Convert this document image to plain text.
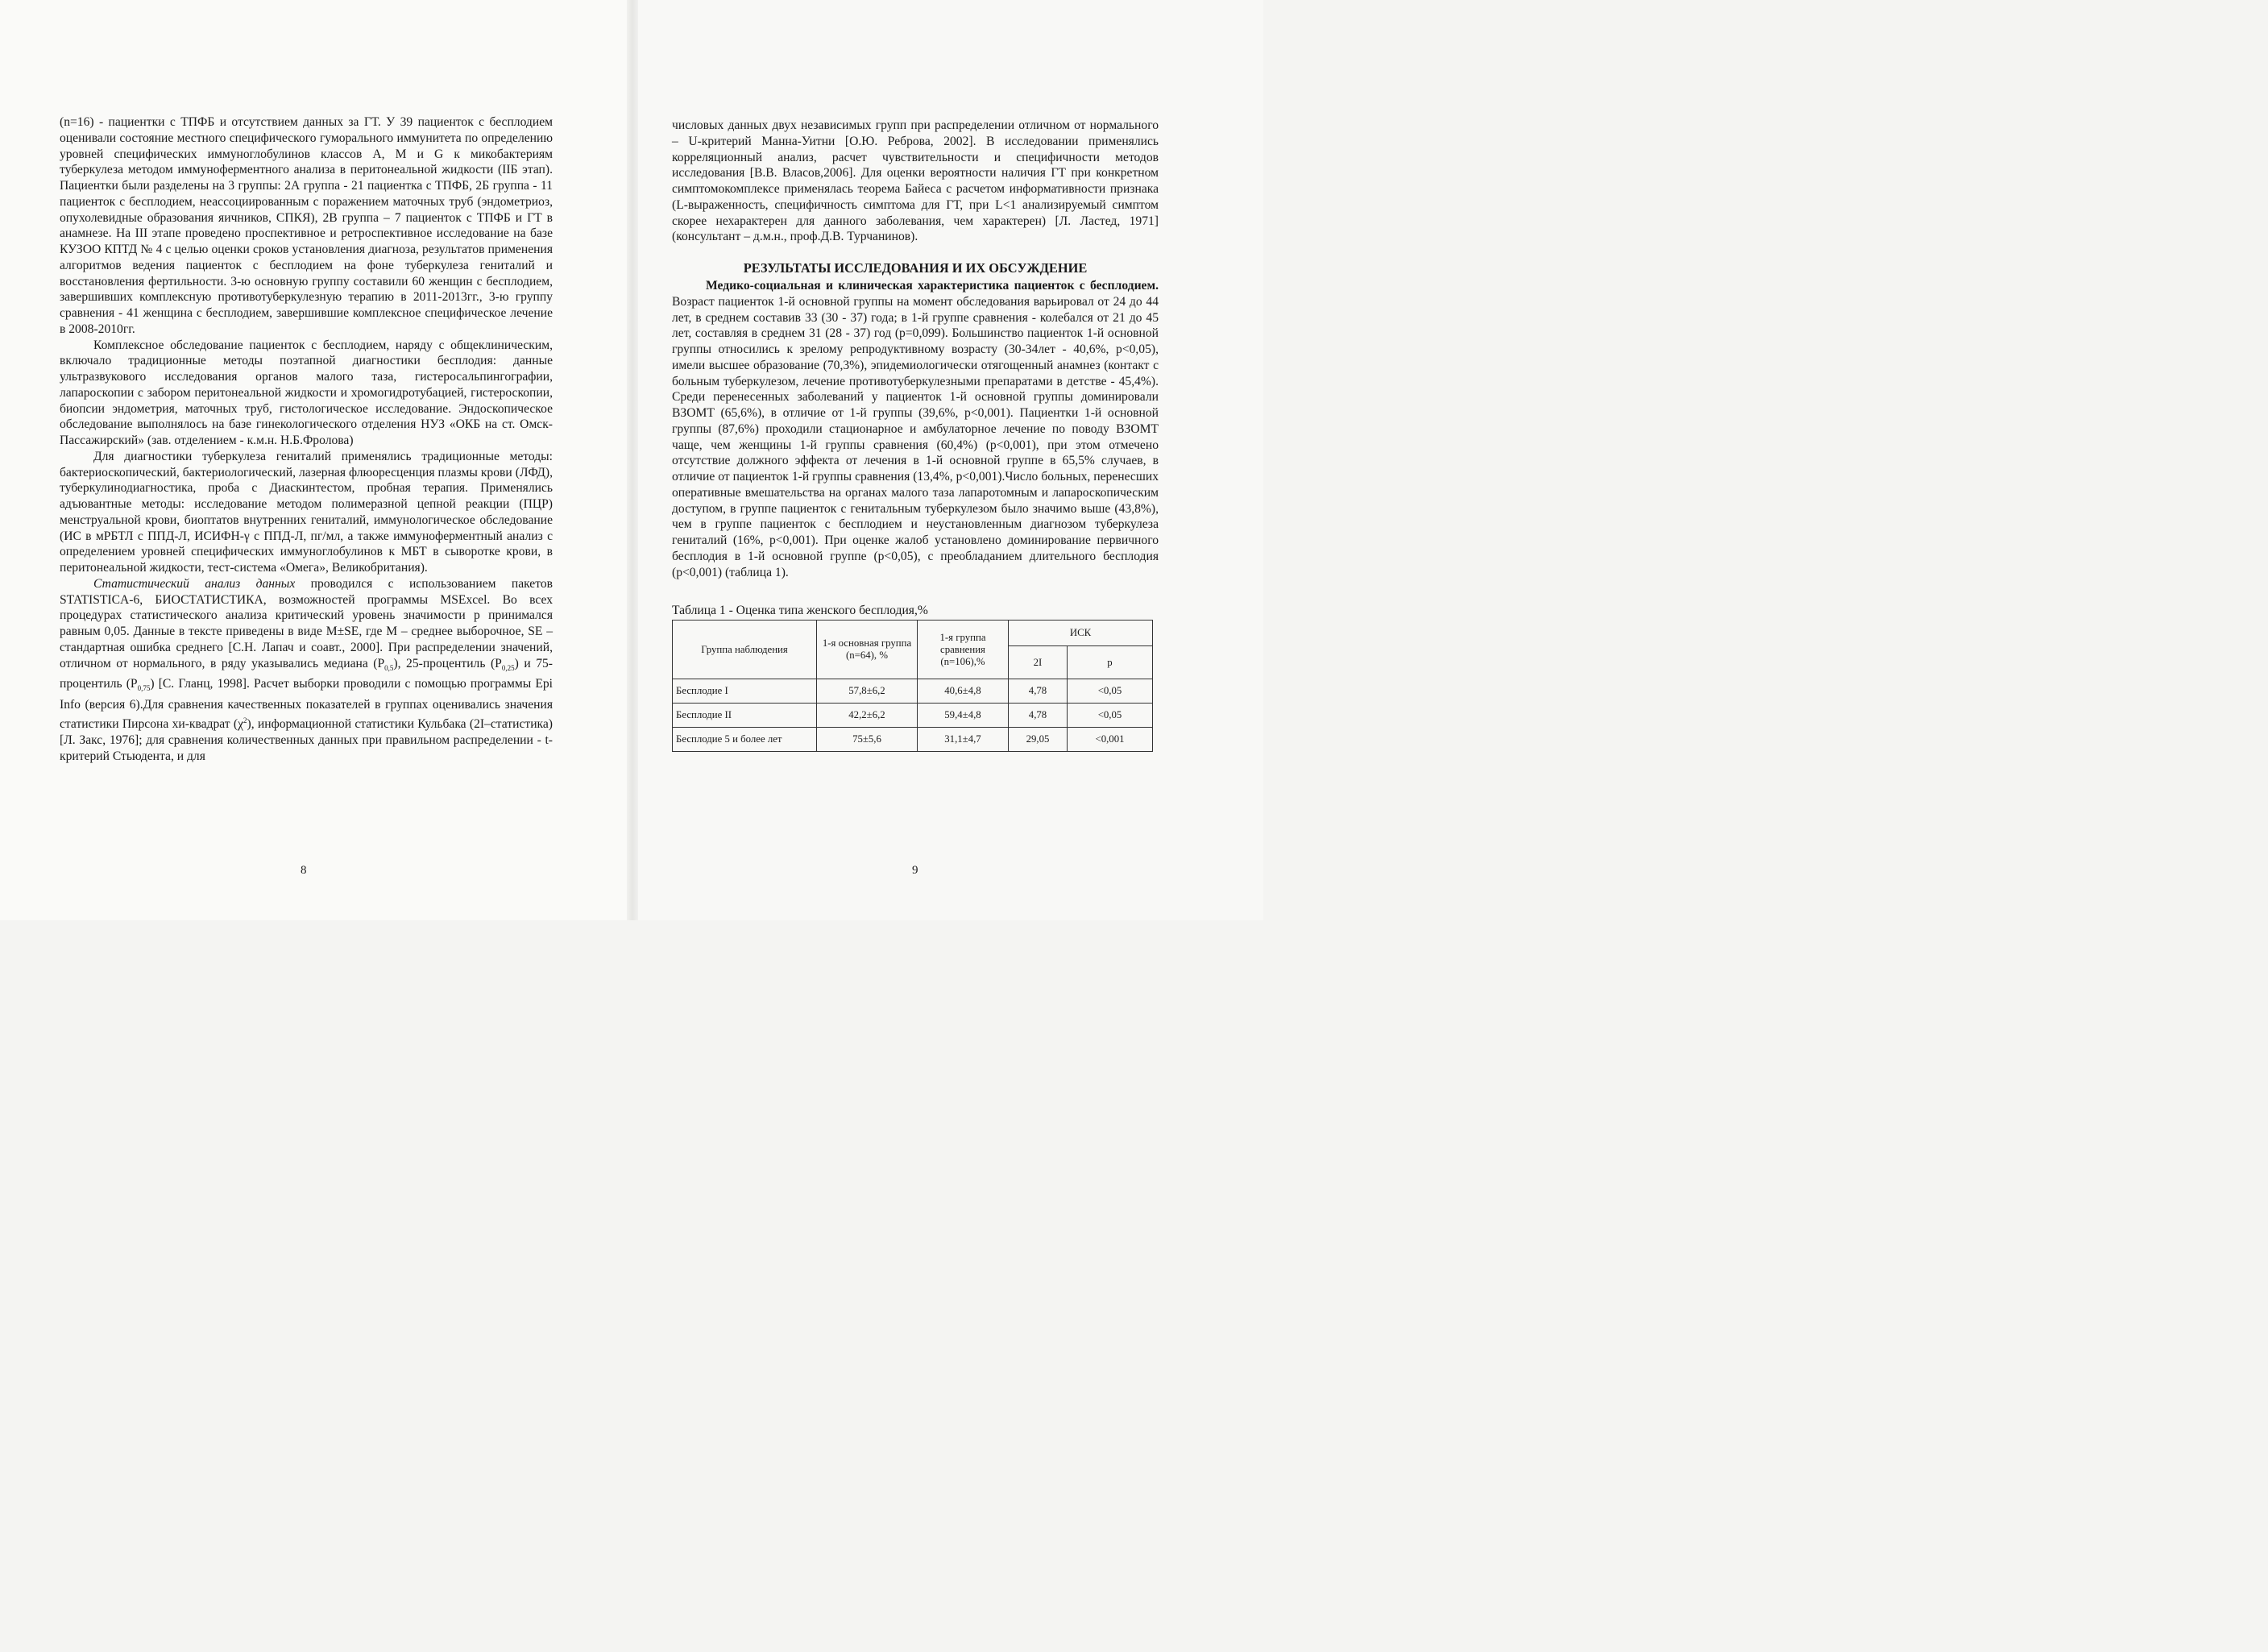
(n=16) - пациентки с ТПФБ и отсутствием данных за ГТ. У 39 пациенток с бесплодием оценивали состояние местного специфического гуморального иммунитета по определению уровней специфических иммуноглобулинов классов А, М и G к микобактериям туберкулеза методом иммуноферментного анализа в перитонеальной жидкости (IIБ этап). Пациентки были разделены на 3 группы: 2А группа - 21 пациентка с ТПФБ, 2Б группа - 11 пациенток с бесплодием, неассоциированным с поражением маточных труб (эндометриоз, опухолевидные образования яичников, СПКЯ), 2В группа – 7 пациенток с ТПФБ и ГТ в анамнезе. На III этапе проведено проспективное и ретроспективное исследование на базе КУЗОО КПТД № 4 с целью оценки сроков установления диагноза, результатов применения алгоритмов ведения пациенток с бесплодием на фоне туберкулеза гениталий и восстановления фертильности. 3-ю основную группу составили 60 женщин с бесплодием, завершивших комплексную противотуберкулезную терапию в 2011-2013гг., 3-ю группу сравнения - 41 женщина с бесплодием, завершившие комплексное специфическое лечение в 2008-2010гг.

Комплексное обследование пациенток с бесплодием, наряду с общеклиническим, включало традиционные методы поэтапной диагностики бесплодия: данные ультразвукового исследования органов малого таза, гистеросальпингографии, лапароскопии с забором перитонеальной жидкости и хромогидротубацией, гистероскопии, биопсии эндометрия, маточных труб, гистологическое исследование. Эндоскопическое обследование выполнялось на базе гинекологического отделения НУЗ «ОКБ на ст. Омск-Пассажирский» (зав. отделением - к.м.н. Н.Б.Фролова)

Для диагностики туберкулеза гениталий применялись традиционные методы: бактериоскопический, бактериологический, лазерная флюоресценция плазмы крови (ЛФД), туберкулинодиагностика, проба с Диаскинтестом, пробная терапия. Применялись адъювантные методы: исследование методом полимеразной цепной реакции (ПЦР) менструальной крови, биоптатов внутренних гениталий, иммунологическое обследование (ИС в мРБТЛ с ППД-Л, ИСИФН-γ с ППД-Л, пг/мл, а также иммуноферментный анализ с определением уровней специфических иммуноглобулинов к МБТ в сыворотке крови, в перитонеальной жидкости, тест-система «Омега», Великобритания).

Статистический анализ данных проводился с использованием пакетов STATISTICA-6, БИОСТАТИСТИКА, возможностей программы MSExcel. Во всех процедурах статистического анализа критический уровень значимости р принимался равным 0,05. Данные в тексте приведены в виде M±SE, где М – среднее выборочное, SE – стандартная ошибка среднего [С.Н. Лапач и соавт., 2000]. При распределении значений, отличном от нормального, в ряду указывались медиана $(P_{0,5})$, 25-процентиль $(P_{0,25})$ и 75-процентиль $(P_{0,75})$ [С. Гланц, 1998]. Расчет выборки проводили с помощью программы Epi Info (версия 6).Для сравнения качественных показателей в группах оценивались значения статистики Пирсона хи-квадрат $(\chi^2)$, информационной статистики Кульбака (2I–статистика) [Л. Закс, 1976]; для сравнения количественных данных при правильном распределении - t-критерий Стьюдента, и для

8

числовых данных двух независимых групп при распределении отличном от нормального – U-критерий Манна-Уитни [О.Ю. Реброва, 2002]. В исследовании применялись корреляционный анализ, расчет чувствительности и специфичности методов исследования [В.В. Власов,2006]. Для оценки вероятности наличия ГТ при конкретном симптомокомплексе применялась теорема Байеса с расчетом информативности признака (L-выраженность, специфичность симптома для ГТ, при L<1 анализируемый симптом скорее нехарактерен для данного заболевания, чем характерен) [Л. Ластед, 1971] (консультант – д.м.н., проф.Д.В. Турчанинов).

РЕЗУЛЬТАТЫ ИССЛЕДОВАНИЯ И ИХ ОБСУЖДЕНИЕ

Медико-социальная и клиническая характеристика пациенток с бесплодием. Возраст пациенток 1-й основной группы на момент обследования варьировал от 24 до 44 лет, в среднем составив 33 (30 - 37) года; в 1-й группе сравнения - колебался от 21 до 45 лет, составляя в среднем 31 (28 - 37) год (p=0,099). Большинство пациенток 1-й основной группы относились к зрелому репродуктивному возрасту (30-34лет - 40,6%, p<0,05), имели высшее образование (70,3%), эпидемиологически отягощенный анамнез (контакт с больным туберкулезом, лечение противотуберкулезными препаратами в детстве - 45,4%). Среди перенесенных заболеваний у пациенток 1-й основной группы доминировали ВЗОМТ (65,6%), в отличие от 1-й группы (39,6%, p<0,001). Пациентки 1-й основной группы (87,6%) проходили стационарное и амбулаторное лечение по поводу ВЗОМТ чаще, чем женщины 1-й группы сравнения (60,4%) (p<0,001), при этом отмечено отсутствие должного эффекта от лечения в 1-й основной группе в 65,5% случаев, в отличие от пациенток 1-й группы сравнения (13,4%, p<0,001).Число больных, перенесших оперативные вмешательства на органах малого таза лапаротомным и лапароскопическим доступом, в группе пациенток с генитальным туберкулезом было значимо выше (43,8%), чем в группе пациенток с бесплодием и неустановленным диагнозом туберкулеза гениталий (16%, p<0,001). При оценке жалоб установлено доминирование первичного бесплодия в 1-й основной группе (p<0,05), с преобладанием длительного бесплодия (p<0,001) (таблица 1).

Таблица 1 - Оценка типа женского бесплодия,%
Группа наблюдения	1-я основная группа (n=64), %	1-я группа сравнения (n=106),%	ИСК	
			2I	p
Бесплодие I	57,8±6,2	40,6±4,8	4,78	<0,05
Бесплодие II	42,2±6,2	59,4±4,8	4,78	<0,05
Бесплодие 5 и более лет	75±5,6	31,1±4,7	29,05	<0,001
9
